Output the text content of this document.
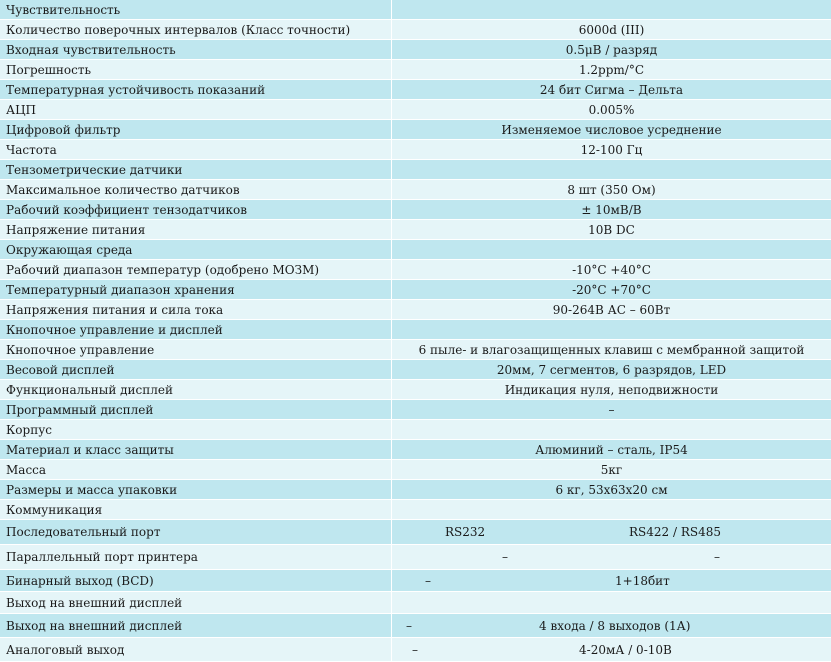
Чувствительность
Количество поверочных интервалов (Класс точности)	6000d (III)
Входная чувствительность	0.5μВ / разряд
Погрешность	1.2ppm/°C
Температурная устойчивость показаний	24 бит Сигма – Дельта
АЦП	0.005%
Цифровой фильтр	Изменяемое числовое усреднение
Частота	12-100 Гц
Тензометрические датчики
Максимальное количество датчиков	8 шт (350 Ом)
Рабочий коэффициент тензодатчиков	± 10мВ/В
Напряжение питания	10В DC
Окружающая среда
Рабочий диапазон температур (одобрено МОЗМ)	-10°C +40°C
Температурный диапазон хранения	-20°C +70°C
Напряжения питания и сила тока	90-264В АС – 60Вт
Кнопочное управление и дисплей
Кнопочное управление	6 пыле- и влагозащищенных клавиш с мембранной защитой
Весовой дисплей	20мм, 7 сегментов, 6 разрядов, LED
Функциональный дисплей	Индикация нуля, неподвижности
Программный дисплей	–
Корпус
Материал и класс защиты	Алюминий – сталь, IP54
Масса	5кг
Размеры и масса упаковки	6 кг, 53x63x20 см
Коммуникация
Последовательный порт	RS232	RS422 / RS485
Параллельный порт принтера	–	–
Бинарный выход (BCD)	–	1+18бит
Выход на внешний дисплей
Выход на внешний дисплей	–	4 входа / 8 выходов (1А)
Аналоговый выход	–	4-20мА / 0-10В
